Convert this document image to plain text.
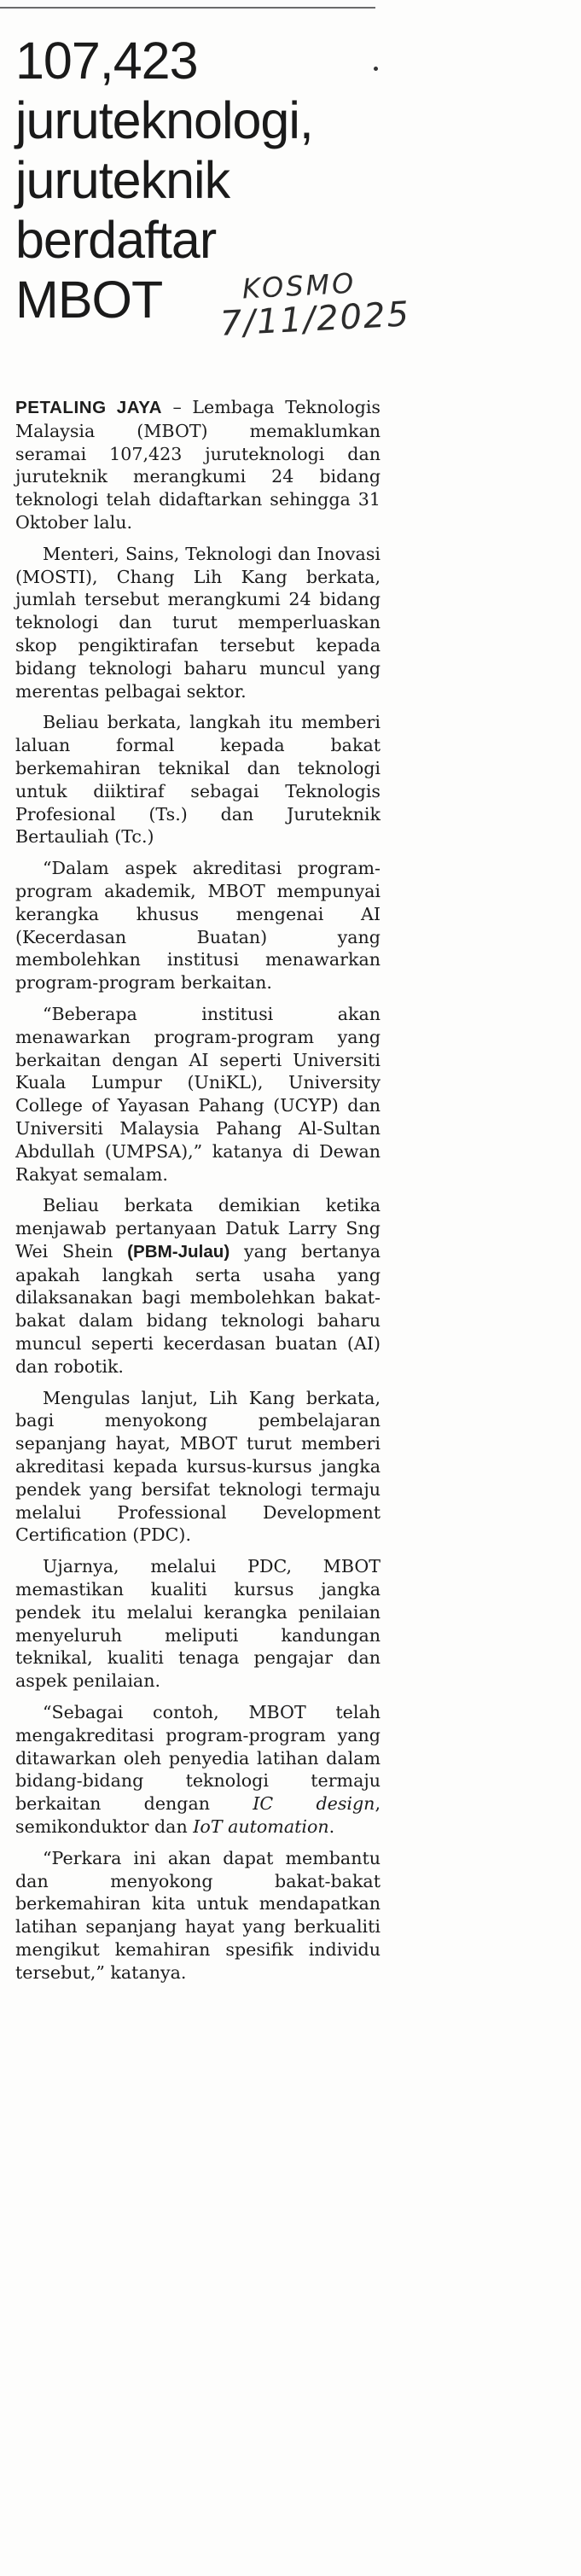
107,423
juruteknologi,
juruteknik
berdaftar
MBOT	KOSMO
7/11/2025

PETALING JAYA – Lembaga Teknologis Malaysia (MBOT) memaklumkan seramai 107,423 juruteknologi dan juruteknik merangkumi 24 bidang teknologi telah didaftarkan sehingga 31 Oktober lalu.

Menteri, Sains, Teknologi dan Inovasi (MOSTI), Chang Lih Kang berkata, jumlah tersebut merangkumi 24 bidang teknologi dan turut memperluaskan skop pengiktirafan tersebut kepada bidang teknologi baharu muncul yang merentas pelbagai sektor.

Beliau berkata, langkah itu memberi laluan formal kepada bakat berkemahiran teknikal dan teknologi untuk diiktiraf sebagai Teknologis Profesional (Ts.) dan Juruteknik Bertauliah (Tc.)

“Dalam aspek akreditasi program-program akademik, MBOT mempunyai kerangka khusus mengenai AI (Kecerdasan Buatan) yang membolehkan institusi menawarkan program-program berkaitan.

“Beberapa institusi akan menawarkan program-program yang berkaitan dengan AI seperti Universiti Kuala Lumpur (UniKL), University College of Yayasan Pahang (UCYP) dan Universiti Malaysia Pahang Al-Sultan Abdullah (UMPSA),” katanya di Dewan Rakyat semalam.

Beliau berkata demikian ketika menjawab pertanyaan Datuk Larry Sng Wei Shein (PBM-Julau) yang bertanya apakah langkah serta usaha yang dilaksanakan bagi membolehkan bakat-bakat dalam bidang teknologi baharu muncul seperti kecerdasan buatan (AI) dan robotik.

Mengulas lanjut, Lih Kang berkata, bagi menyokong pembelajaran sepanjang hayat, MBOT turut memberi akreditasi kepada kursus-kursus jangka pendek yang bersifat teknologi termaju melalui Professional Development Certification (PDC).

Ujarnya, melalui PDC, MBOT memastikan kualiti kursus jangka pendek itu melalui kerangka penilaian menyeluruh meliputi kandungan teknikal, kualiti tenaga pengajar dan aspek penilaian.

“Sebagai contoh, MBOT telah mengakreditasi program-program yang ditawarkan oleh penyedia latihan dalam bidang-bidang teknologi termaju berkaitan dengan IC design, semikonduktor dan IoT automation.

“Perkara ini akan dapat membantu dan menyokong bakat-bakat berkemahiran kita untuk mendapatkan latihan sepanjang hayat yang berkualiti mengikut kemahiran spesifik individu tersebut,” katanya.
